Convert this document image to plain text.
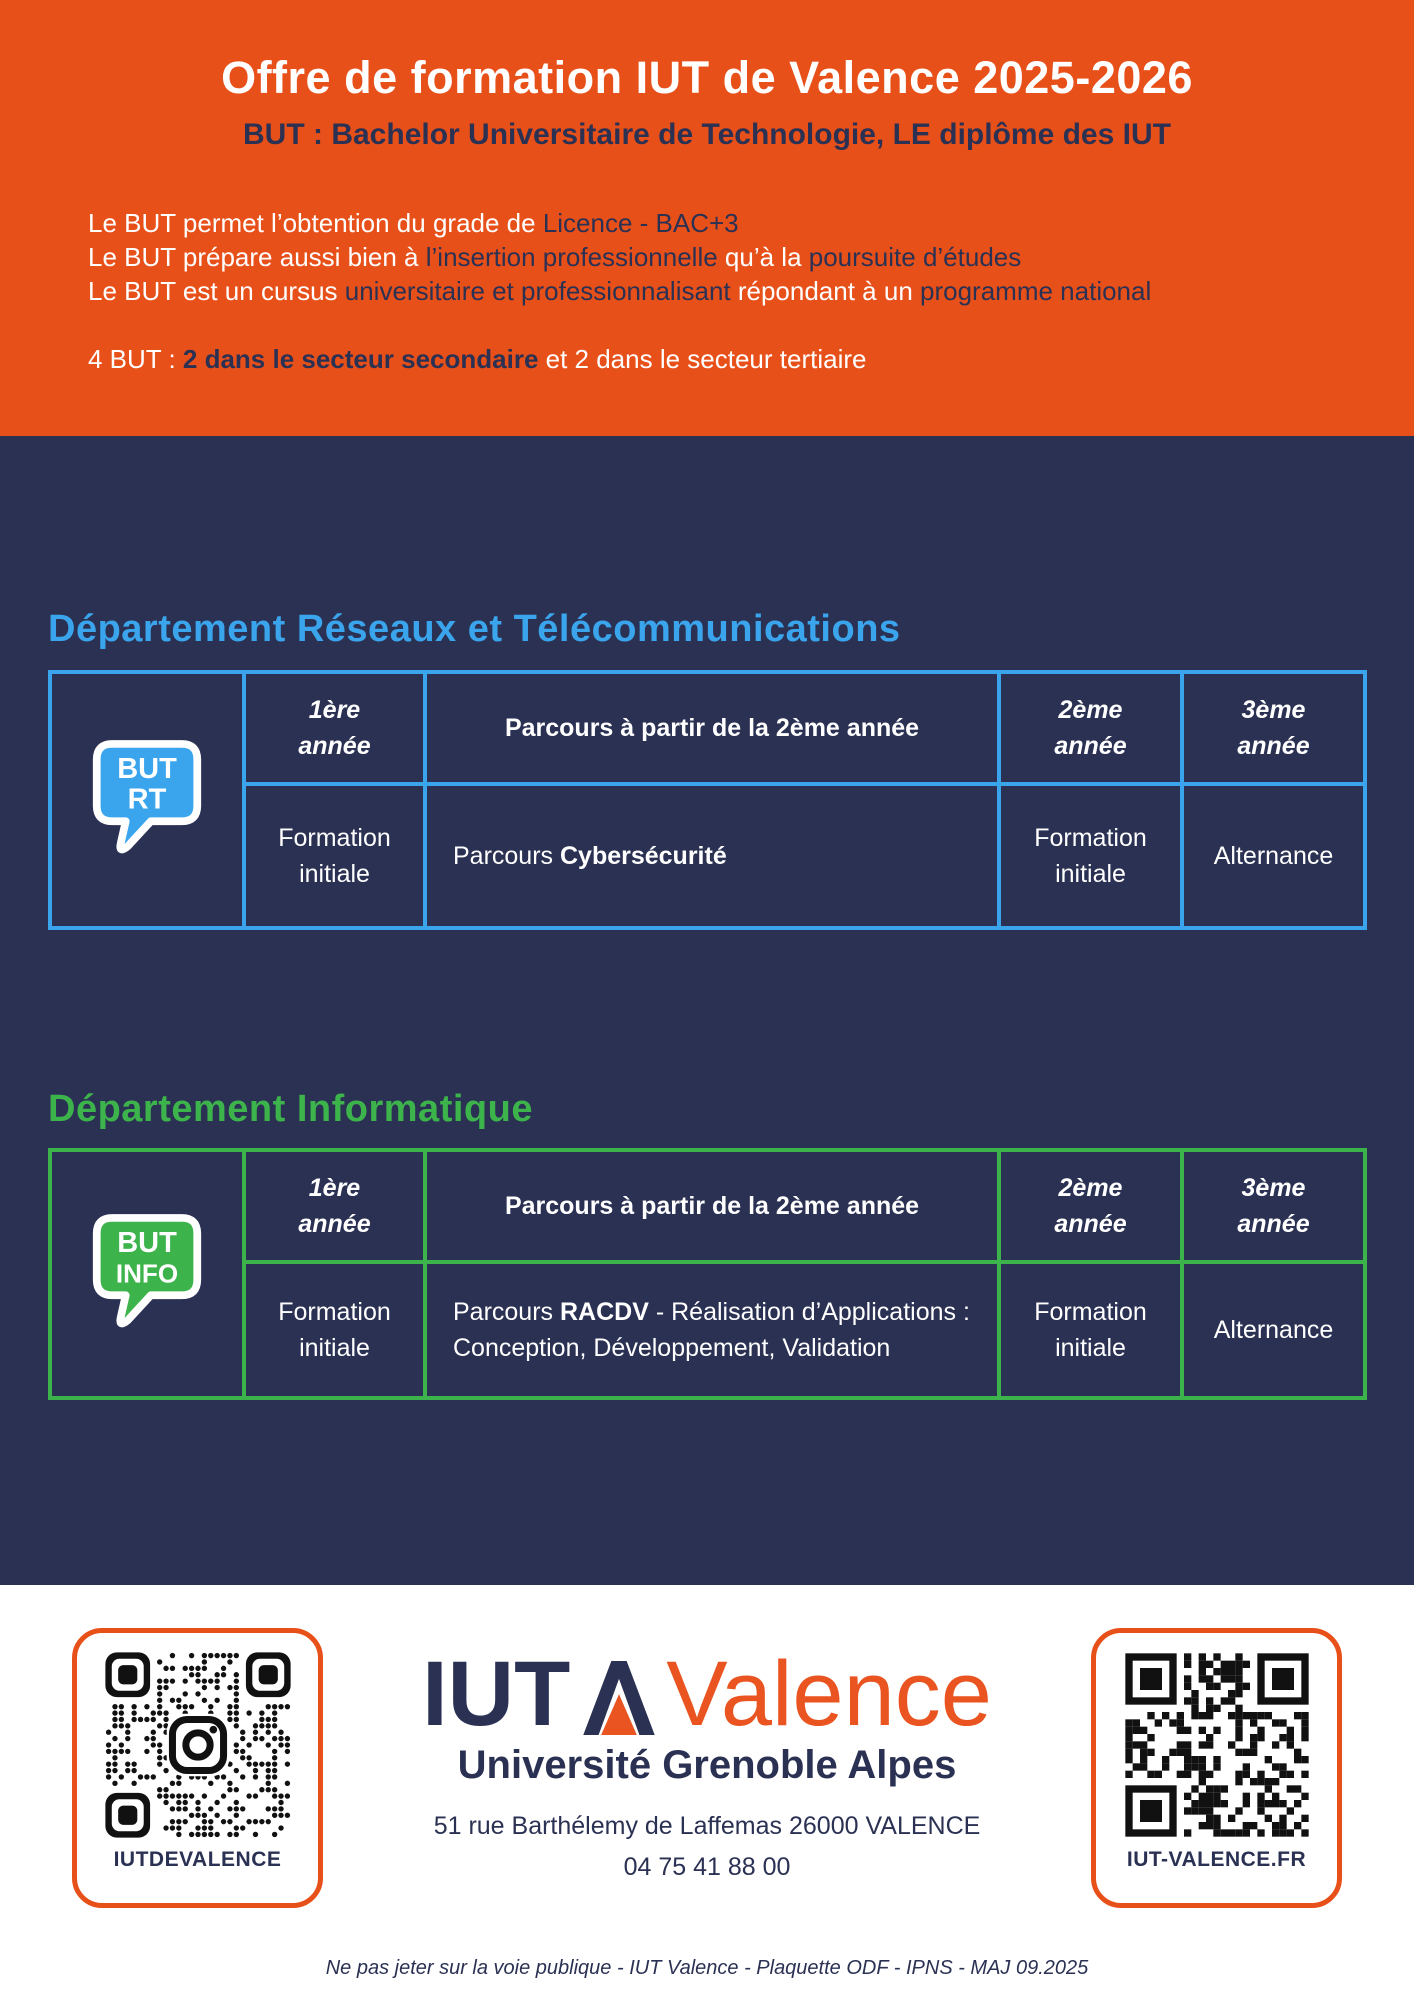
Offre de formation IUT de Valence 2025-2026
BUT : Bachelor Universitaire de Technologie, LE diplôme des IUT
Le BUT permet l’obtention du grade de Licence - BAC+3
Le BUT prépare aussi bien à l’insertion professionnelle qu’à la poursuite d’études
Le BUT est un cursus universitaire et professionnalisant répondant à un programme national
4 BUT : 2 dans le secteur secondaire et 2 dans le secteur tertiaire
Département Réseaux et Télécommunications
BUT
RT
1ère année
Parcours à partir de la 2ème année
2ème année
3ème année
Formation initiale
Parcours Cybersécurité
Formation initiale
Alternance
Département Informatique
BUT
INFO
1ère année
Parcours à partir de la 2ème année
2ème année
3ème année
Formation initiale
Parcours RACDV - Réalisation d’Applications : Conception, Développement, Validation
Formation initiale
Alternance
IUTDEVALENCE
IUT Valence
Université Grenoble Alpes
51 rue Barthélemy de Laffemas 26000 VALENCE
04 75 41 88 00	IUT-VALENCE.FR
Ne pas jeter sur la voie publique - IUT Valence - Plaquette ODF - IPNS - MAJ 09.2025
